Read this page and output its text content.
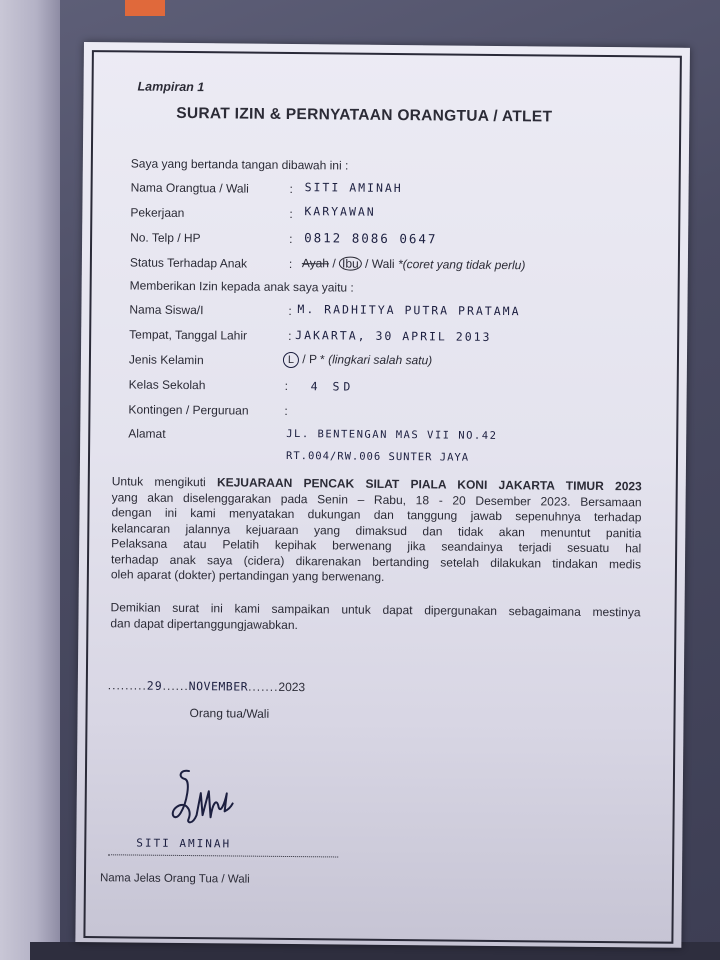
Lampiran 1
SURAT IZIN & PERNYATAAN ORANGTUA / ATLET
Saya yang bertanda tangan dibawah ini :
Nama Orangtua / Wali	: SITI AMINAH
Pekerjaan	: KARYAWAN
No. Telp / HP	: 0812 8086 0647
Status Terhadap Anak	: Ayah / Ibu / Wali *(coret yang tidak perlu)
Memberikan Izin kepada anak saya yaitu :
Nama Siswa/I	: M. RADHITYA PUTRA PRATAMA
Tempat, Tanggal Lahir	: JAKARTA, 30 APRIL 2013
Jenis Kelamin	L / P * (lingkari salah satu)
Kelas Sekolah	: 4 SD
Kontingen / Perguruan	:
Alamat	JL. BENTENGAN MAS VII NO.42
RT.004/RW.006 SUNTER JAYA
Untuk mengikuti KEJUARAAN PENCAK SILAT PIALA KONI JAKARTA TIMUR 2023
yang akan diselenggarakan pada Senin – Rabu, 18 - 20 Desember 2023. Bersamaan
dengan ini kami menyatakan dukungan dan tanggung jawab sepenuhnya terhadap
kelancaran jalannya kejuaraan yang dimaksud dan tidak akan menuntut panitia
Pelaksana atau Pelatih kepihak berwenang jika seandainya terjadi sesuatu hal
terhadap anak saya (cidera) dikarenakan bertanding setelah dilakukan tindakan medis
oleh aparat (dokter) pertandingan yang berwenang.
Demikian surat ini kami sampaikan untuk dapat dipergunakan sebagaimana mestinya
dan dapat dipertanggungjawabkan.
.........29......NOVEMBER.......2023
Orang tua/Wali
SITI AMINAH
Nama Jelas Orang Tua / Wali
